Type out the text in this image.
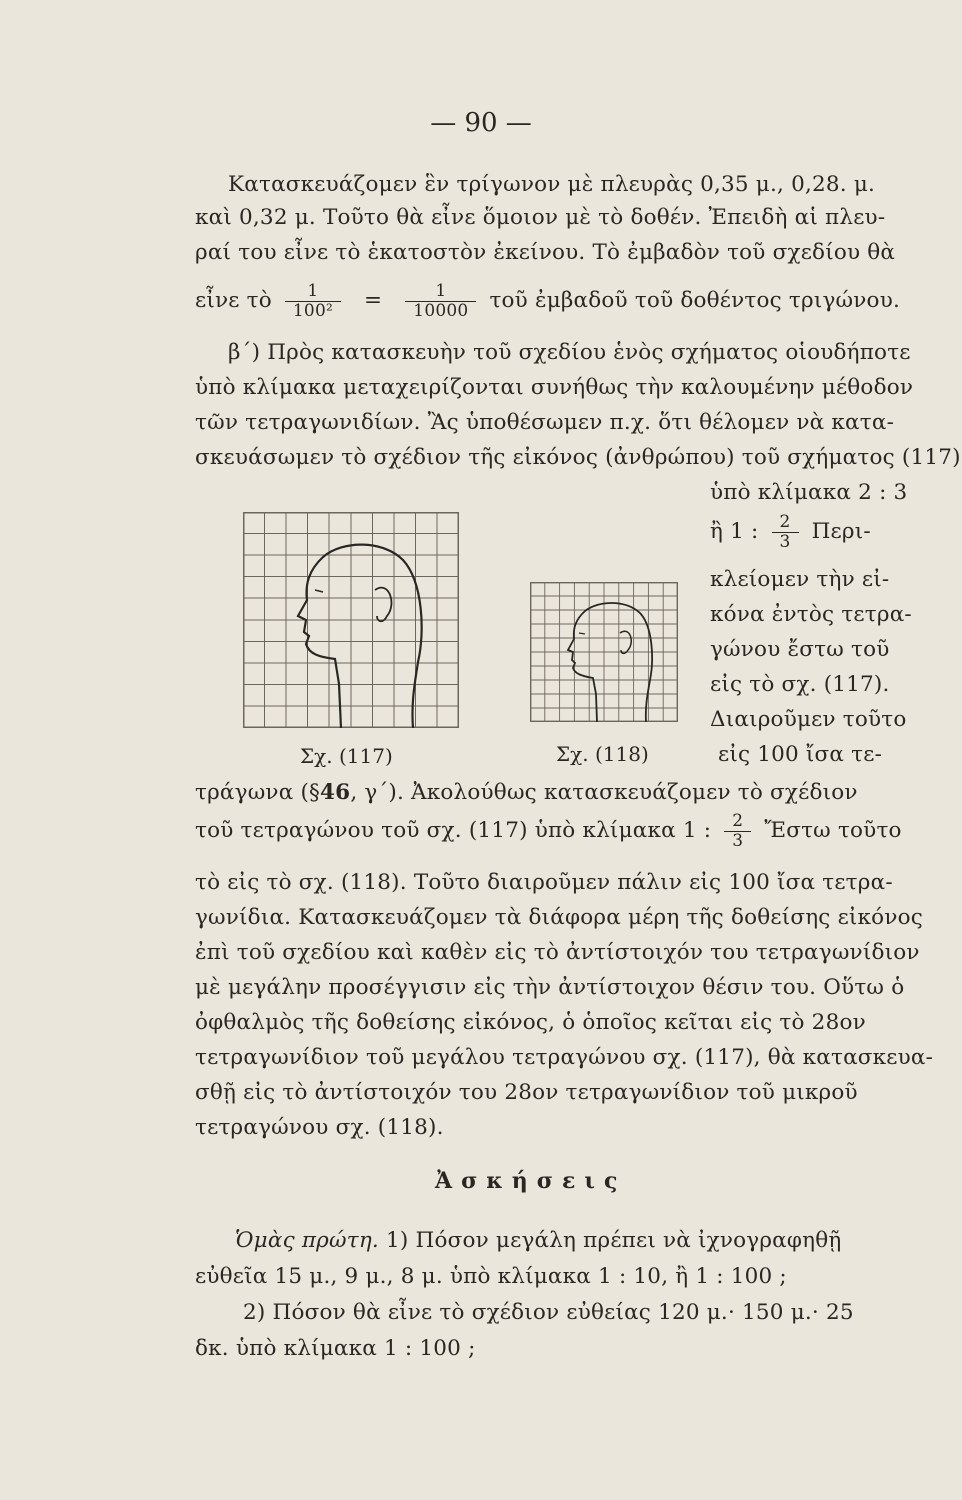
— 90 —
Κατασκευάζομεν ἓν τρίγωνον μὲ πλευρὰς 0,35 μ., 0,28. μ.
καὶ 0,32 μ. Τοῦτο θὰ εἶνε ὅμοιον μὲ τὸ δοθέν. Ἐπειδὴ αἱ πλευ-
ραί του εἶνε τὸ ἑκατοστὸν ἐκείνου. Τὸ ἐμβαδὸν τοῦ σχεδίου θὰ
εἶνε τὸ $\frac{1}{\text{100²}} = \frac{1}{10000}$ τοῦ ἐμβαδοῦ τοῦ δοθέντος τριγώνου.
β΄) Πρὸς κατασκευὴν τοῦ σχεδίου ἑνὸς σχήματος οἱουδήποτε
ὑπὸ κλίμακα μεταχειρίζονται συνήθως τὴν καλουμένην μέθοδον
τῶν τετραγωνιδίων. Ἂς ὑποθέσωμεν π.χ. ὅτι θέλομεν νὰ κατα-
σκευάσωμεν τὸ σχέδιον τῆς εἰκόνος (ἀνθρώπου) τοῦ σχήματος (117)
ὑπὸ κλίμακα 2 : 3
ἢ 1 : $\frac{2}{3} \Pi\varepsilon\rho\iota-$
κλείομεν τὴν εἰ-
κόνα ἐντὸς τετρα-
γώνου ἔστω τοῦ
εἰς τὸ σχ. (117).
Διαιροῦμεν τοῦτο
εἰς 100 ἴσα τε-
Σχ. (117)	Σχ. (118)
τράγωνα (§46, γ΄). Ἀκολούθως κατασκευάζομεν τὸ σχέδιον
τοῦ τετραγώνου τοῦ σχ. (117) ὑπὸ κλίμακα 1 : $\frac{2}{3}$ Ἔστω τοῦτο
τὸ εἰς τὸ σχ. (118). Τοῦτο διαιροῦμεν πάλιν εἰς 100 ἴσα τετρα-
γωνίδια. Κατασκευάζομεν τὰ διάφορα μέρη τῆς δοθείσης εἰκόνος
ἐπὶ τοῦ σχεδίου καὶ καθὲν εἰς τὸ ἀντίστοιχόν του τετραγωνίδιον
μὲ μεγάλην προσέγγισιν εἰς τὴν ἀντίστοιχον θέσιν του. Οὕτω ὁ
ὀφθαλμὸς τῆς δοθείσης εἰκόνος, ὁ ὁποῖος κεῖται εἰς τὸ 28ον
τετραγωνίδιον τοῦ μεγάλου τετραγώνου σχ. (117), θὰ κατασκευα-
σθῇ εἰς τὸ ἀντίστοιχόν του 28ον τετραγωνίδιον τοῦ μικροῦ
τετραγώνου σχ. (118).
Ἀσκήσεις
Ὁμὰς πρώτη. 1) Πόσον μεγάλη πρέπει νὰ ἰχνογραφηθῇ
εὐθεῖα 15 μ., 9 μ., 8 μ. ὑπὸ κλίμακα 1 : 10, ἢ 1 : 100 ;
2) Πόσον θὰ εἶνε τὸ σχέδιον εὐθείας 120 μ.· 150 μ.· 25
δκ. ὑπὸ κλίμακα 1 : 100 ;
